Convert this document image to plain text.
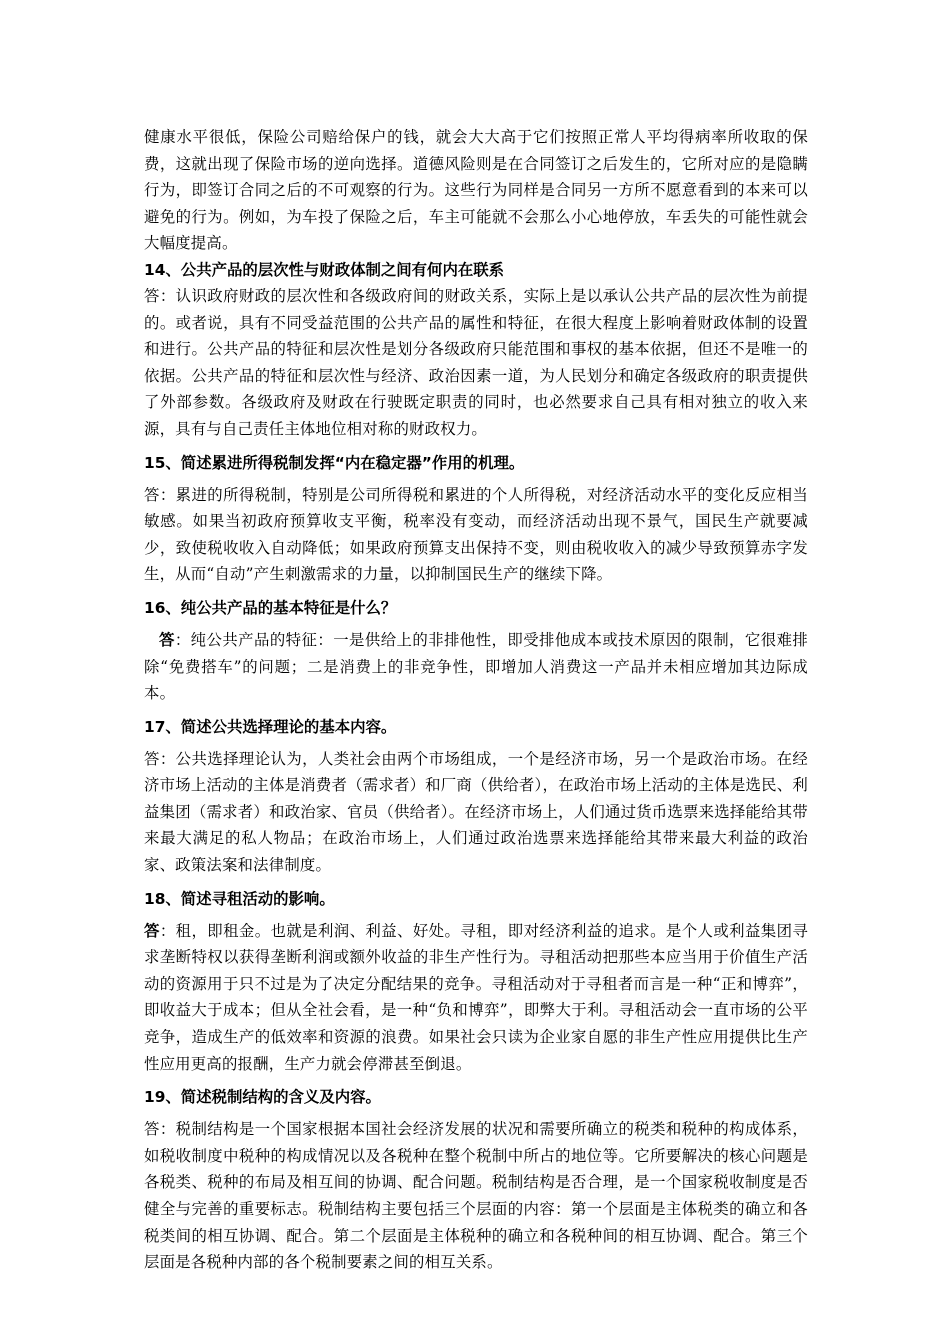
健康水平很低，保险公司赔给保户的钱，就会大大高于它们按照正常人平均得病率所收取的保费，这就出现了保险市场的逆向选择。道德风险则是在合同签订之后发生的，它所对应的是隐瞒行为，即签订合同之后的不可观察的行为。这些行为同样是合同另一方所不愿意看到的本来可以避免的行为。例如，为车投了保险之后，车主可能就不会那么小心地停放，车丢失的可能性就会大幅度提高。

14、公共产品的层次性与财政体制之间有何内在联系

答：认识政府财政的层次性和各级政府间的财政关系，实际上是以承认公共产品的层次性为前提的。或者说，具有不同受益范围的公共产品的属性和特征，在很大程度上影响着财政体制的设置和进行。公共产品的特征和层次性是划分各级政府只能范围和事权的基本依据，但还不是唯一的依据。公共产品的特征和层次性与经济、政治因素一道，为人民划分和确定各级政府的职责提供了外部参数。各级政府及财政在行驶既定职责的同时，也必然要求自己具有相对独立的收入来源，具有与自己责任主体地位相对称的财政权力。

15、简述累进所得税制发挥“内在稳定器”作用的机理。

答：累进的所得税制，特别是公司所得税和累进的个人所得税，对经济活动水平的变化反应相当敏感。如果当初政府预算收支平衡，税率没有变动，而经济活动出现不景气，国民生产就要减少，致使税收收入自动降低；如果政府预算支出保持不变，则由税收收入的减少导致预算赤字发生，从而“自动”产生刺激需求的力量，以抑制国民生产的继续下降。

16、纯公共产品的基本特征是什么？

答：纯公共产品的特征：一是供给上的非排他性，即受排他成本或技术原因的限制，它很难排除“免费搭车”的问题；二是消费上的非竞争性，即增加人消费这一产品并未相应增加其边际成本。

17、简述公共选择理论的基本内容。

答：公共选择理论认为，人类社会由两个市场组成，一个是经济市场，另一个是政治市场。在经济市场上活动的主体是消费者（需求者）和厂商（供给者），在政治市场上活动的主体是选民、利益集团（需求者）和政治家、官员（供给者）。在经济市场上，人们通过货币选票来选择能给其带来最大满足的私人物品；在政治市场上，人们通过政治选票来选择能给其带来最大利益的政治家、政策法案和法律制度。

18、简述寻租活动的影响。

答：租，即租金。也就是利润、利益、好处。寻租，即对经济利益的追求。是个人或利益集团寻求垄断特权以获得垄断利润或额外收益的非生产性行为。寻租活动把那些本应当用于价值生产活动的资源用于只不过是为了决定分配结果的竞争。寻租活动对于寻租者而言是一种“正和博弈”，即收益大于成本；但从全社会看，是一种“负和博弈”，即弊大于利。寻租活动会一直市场的公平竞争，造成生产的低效率和资源的浪费。如果社会只读为企业家自愿的非生产性应用提供比生产性应用更高的报酬，生产力就会停滞甚至倒退。

19、简述税制结构的含义及内容。

答：税制结构是一个国家根据本国社会经济发展的状况和需要所确立的税类和税种的构成体系，如税收制度中税种的构成情况以及各税种在整个税制中所占的地位等。它所要解决的核心问题是各税类、税种的布局及相互间的协调、配合问题。税制结构是否合理，是一个国家税收制度是否健全与完善的重要标志。税制结构主要包括三个层面的内容：第一个层面是主体税类的确立和各税类间的相互协调、配合。第二个层面是主体税种的确立和各税种间的相互协调、配合。第三个层面是各税种内部的各个税制要素之间的相互关系。
